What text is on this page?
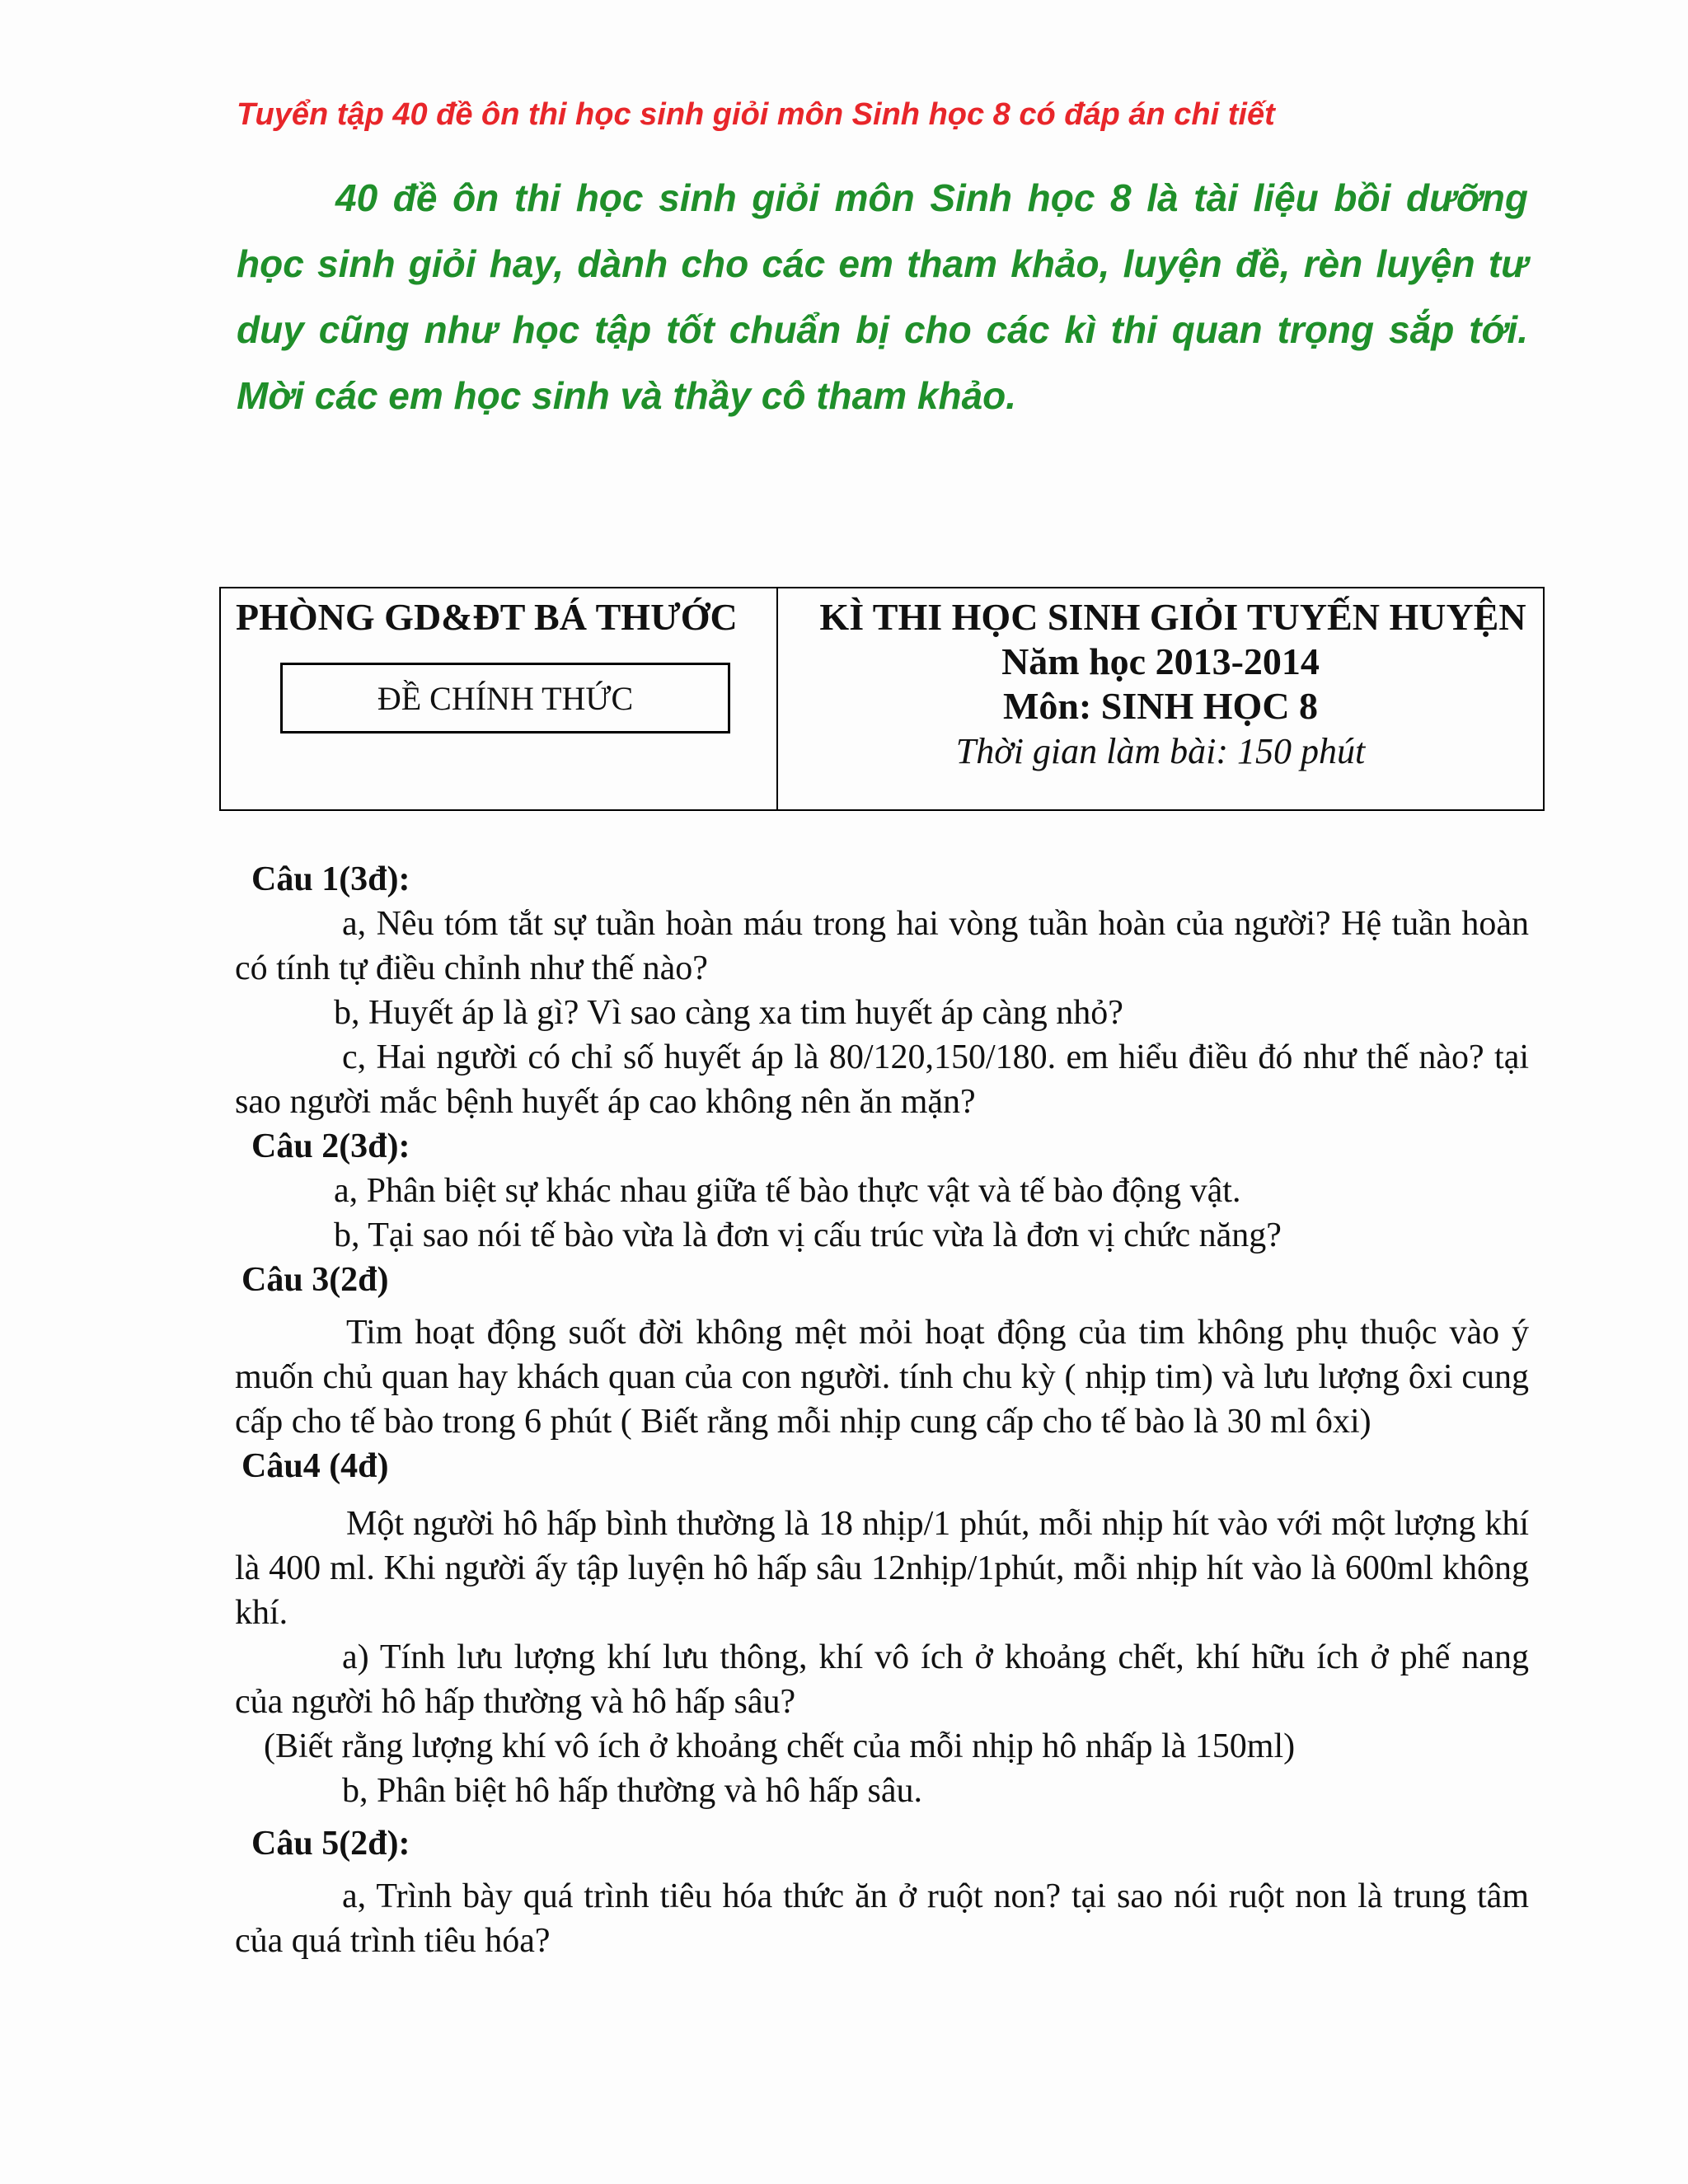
Tuyển tập 40 đề ôn thi học sinh giỏi môn Sinh học 8 có đáp án chi tiết

40 đề ôn thi học sinh giỏi môn Sinh học 8 là tài liệu bồi dưỡng học sinh giỏi hay, dành cho các em tham khảo, luyện đề, rèn luyện tư duy cũng như học tập tốt chuẩn bị cho các kì thi quan trọng sắp tới. Mời các em học sinh và thầy cô tham khảo.

PHÒNG GD&ĐT BÁ THƯỚC
ĐỀ CHÍNH THỨC

KÌ THI HỌC SINH GIỎI TUYẾN HUYỆN
Năm học 2013-2014
Môn: SINH HỌC 8
Thời gian làm bài: 150 phút

Câu 1(3đ):

a, Nêu tóm tắt sự tuần hoàn máu trong hai vòng tuần hoàn của người? Hệ tuần hoàn có tính tự điều chỉnh như thế nào?

b, Huyết áp là gì? Vì sao càng xa tim huyết áp càng nhỏ?

c, Hai người có chỉ số huyết áp là 80/120,150/180. em hiểu điều đó như thế nào? tại sao người mắc bệnh huyết áp cao không nên ăn mặn?

Câu 2(3đ):

a, Phân biệt sự khác nhau giữa tế bào thực vật và tế bào động vật.

b, Tại sao nói tế bào vừa là đơn vị cấu trúc vừa là đơn vị chức năng?

Câu 3(2đ)

Tim hoạt động suốt đời không mệt mỏi hoạt động của tim không phụ thuộc vào ý muốn chủ quan hay khách quan của con người. tính chu kỳ ( nhịp tim) và lưu lượng ôxi cung cấp cho tế bào trong 6 phút ( Biết rằng mỗi nhịp cung cấp cho tế bào là 30 ml ôxi)

Câu4 (4đ)

Một người hô hấp bình thường là 18 nhịp/1 phút, mỗi nhịp hít vào với một lượng khí là 400 ml. Khi người ấy tập luyện hô hấp sâu 12nhịp/1phút, mỗi nhịp hít vào là 600ml không khí.

a) Tính lưu lượng khí lưu thông, khí vô ích ở khoảng chết, khí hữu ích ở phế nang của người hô hấp thường và hô hấp sâu?

(Biết rằng lượng khí vô ích ở khoảng chết của mỗi nhịp hô nhấp là 150ml)

b, Phân biệt hô hấp thường và hô hấp sâu.

Câu 5(2đ):

a, Trình bày quá trình tiêu hóa thức ăn ở ruột non? tại sao nói ruột non là trung tâm của quá trình tiêu hóa?
